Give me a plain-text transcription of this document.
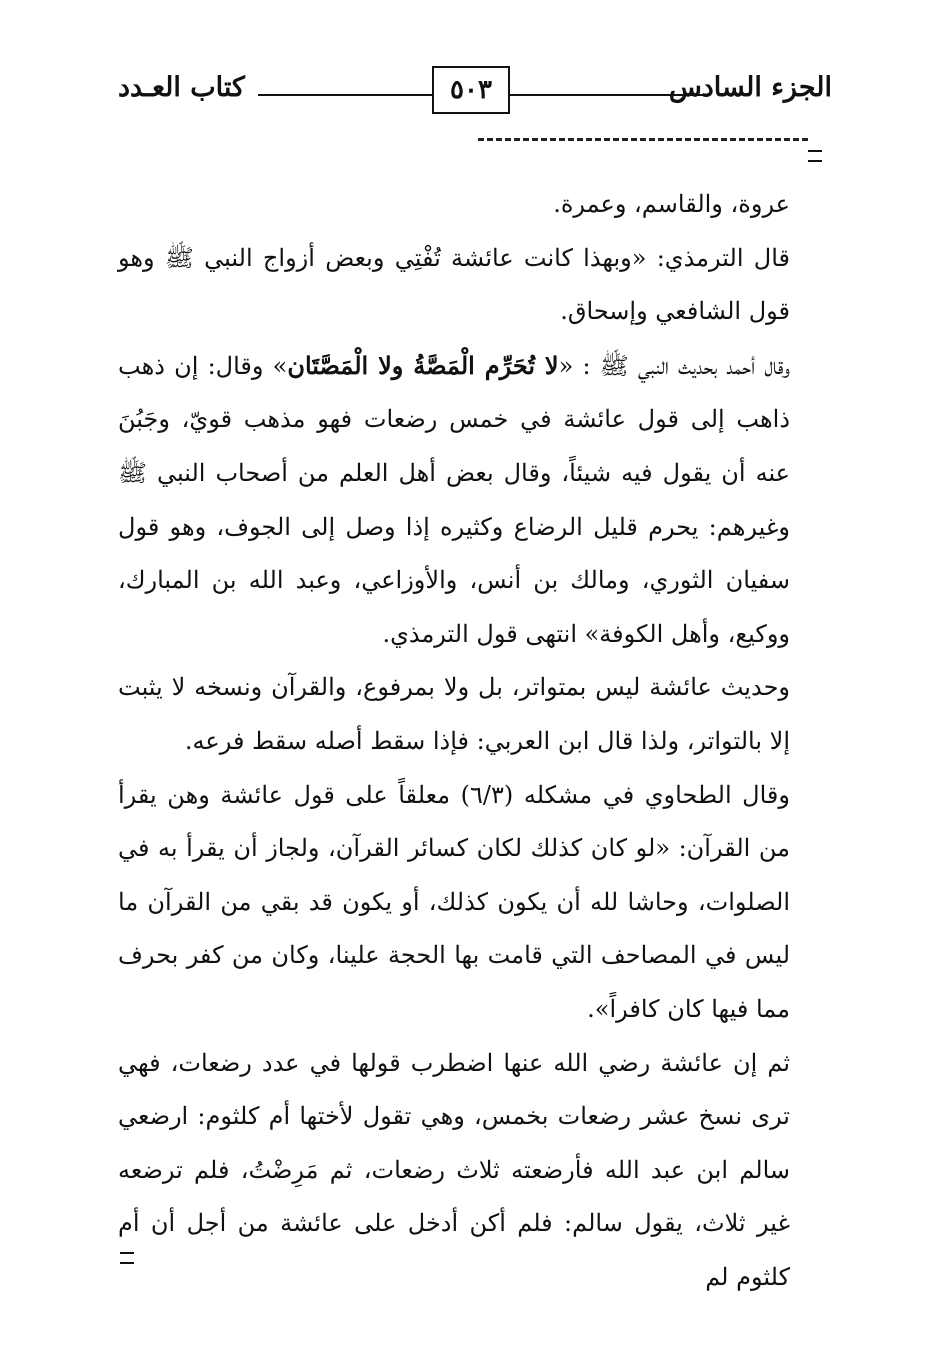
الجزء السادس
٥٠٣
كتاب العـدد

عروة، والقاسم، وعمرة.

قال الترمذي: «وبهذا كانت عائشة تُفْتِي وبعض أزواج النبي ﷺ وهو قول الشافعي وإسحاق.

وقال أحمد بحديث النبي ﷺ : «لا تُحَرِّم الْمَصَّةُ ولا الْمَصَّتَان» وقال: إن ذهب ذاهب إلى قول عائشة في خمس رضعات فهو مذهب قويّ، وجَبُنَ عنه أن يقول فيه شيئاً، وقال بعض أهل العلم من أصحاب النبي ﷺ وغيرهم: يحرم قليل الرضاع وكثيره إذا وصل إلى الجوف، وهو قول سفيان الثوري، ومالك بن أنس، والأوزاعي، وعبد الله بن المبارك، ووكيع، وأهل الكوفة» انتهى قول الترمذي.

وحديث عائشة ليس بمتواتر، بل ولا بمرفوع، والقرآن ونسخه لا يثبت إلا بالتواتر، ولذا قال ابن العربي: فإذا سقط أصله سقط فرعه.

وقال الطحاوي في مشكله (٦/٣) معلقاً على قول عائشة وهن يقرأ من القرآن: «لو كان كذلك لكان كسائر القرآن، ولجاز أن يقرأ به في الصلوات، وحاشا لله أن يكون كذلك، أو يكون قد بقي من القرآن ما ليس في المصاحف التي قامت بها الحجة علينا، وكان من كفر بحرف مما فيها كان كافراً».

ثم إن عائشة رضي الله عنها اضطرب قولها في عدد رضعات، فهي ترى نسخ عشر رضعات بخمس، وهي تقول لأختها أم كلثوم: ارضعي سالم ابن عبد الله فأرضعته ثلاث رضعات، ثم مَرِضْتُ، فلم ترضعه غير ثلاث، يقول سالم: فلم أكن أدخل على عائشة من أجل أن أم كلثوم لم
